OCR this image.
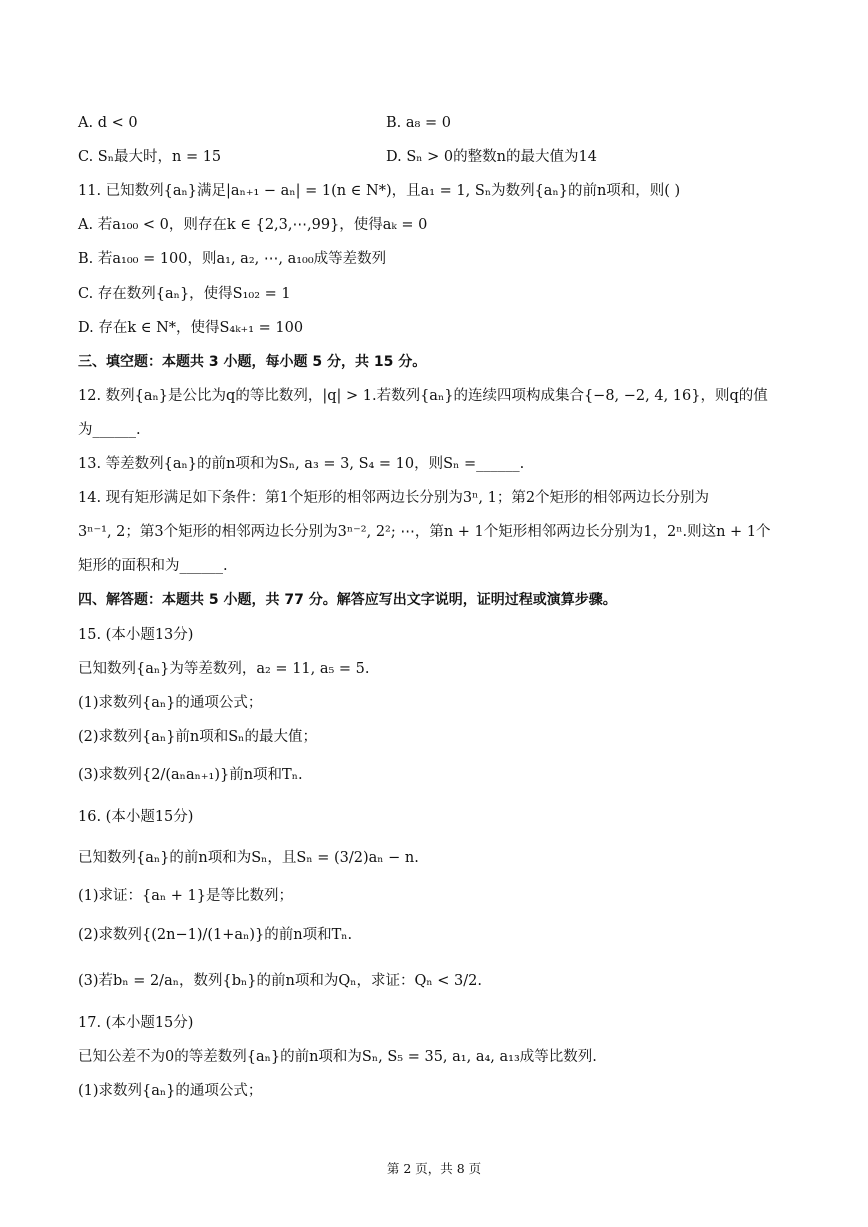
A. d < 0	B. a₈ = 0
C. Sₙ最大时，n = 15	D. Sₙ > 0的整数n的最大值为14
11. 已知数列{aₙ}满足|aₙ₊₁ − aₙ| = 1(n ∈ N*)，且a₁ = 1, Sₙ为数列{aₙ}的前n项和，则( )
A. 若a₁₀₀ < 0，则存在k ∈ {2,3,⋯,99}，使得aₖ = 0
B. 若a₁₀₀ = 100，则a₁, a₂, ⋯, a₁₀₀成等差数列
C. 存在数列{aₙ}，使得S₁₀₂ = 1
D. 存在k ∈ N*，使得S₄ₖ₊₁ = 100
三、填空题：本题共 3 小题，每小题 5 分，共 15 分。
12. 数列{aₙ}是公比为q的等比数列，|q| > 1.若数列{aₙ}的连续四项构成集合{−8, −2, 4, 16}，则q的值
为______.
13. 等差数列{aₙ}的前n项和为Sₙ, a₃ = 3, S₄ = 10，则Sₙ =______.
14. 现有矩形满足如下条件：第1个矩形的相邻两边长分别为3ⁿ, 1；第2个矩形的相邻两边长分别为
3ⁿ⁻¹, 2；第3个矩形的相邻两边长分别为3ⁿ⁻², 2²; ⋯，第n + 1个矩形相邻两边长分别为1，2ⁿ.则这n + 1个
矩形的面积和为______.
四、解答题：本题共 5 小题，共 77 分。解答应写出文字说明，证明过程或演算步骤。
15. (本小题13分)
已知数列{aₙ}为等差数列，a₂ = 11, a₅ = 5.
(1)求数列{aₙ}的通项公式；
(2)求数列{aₙ}前n项和Sₙ的最大值；
(3)求数列{2/(aₙaₙ₊₁)}前n项和Tₙ.
16. (本小题15分)
已知数列{aₙ}的前n项和为Sₙ，且Sₙ = (3/2)aₙ − n.
(1)求证：{aₙ + 1}是等比数列；
(2)求数列{(2n−1)/(1+aₙ)}的前n项和Tₙ.
(3)若bₙ = 2/aₙ，数列{bₙ}的前n项和为Qₙ，求证：Qₙ < 3/2.
17. (本小题15分)
已知公差不为0的等差数列{aₙ}的前n项和为Sₙ, S₅ = 35, a₁, a₄, a₁₃成等比数列.
(1)求数列{aₙ}的通项公式；
第 2 页，共 8 页
